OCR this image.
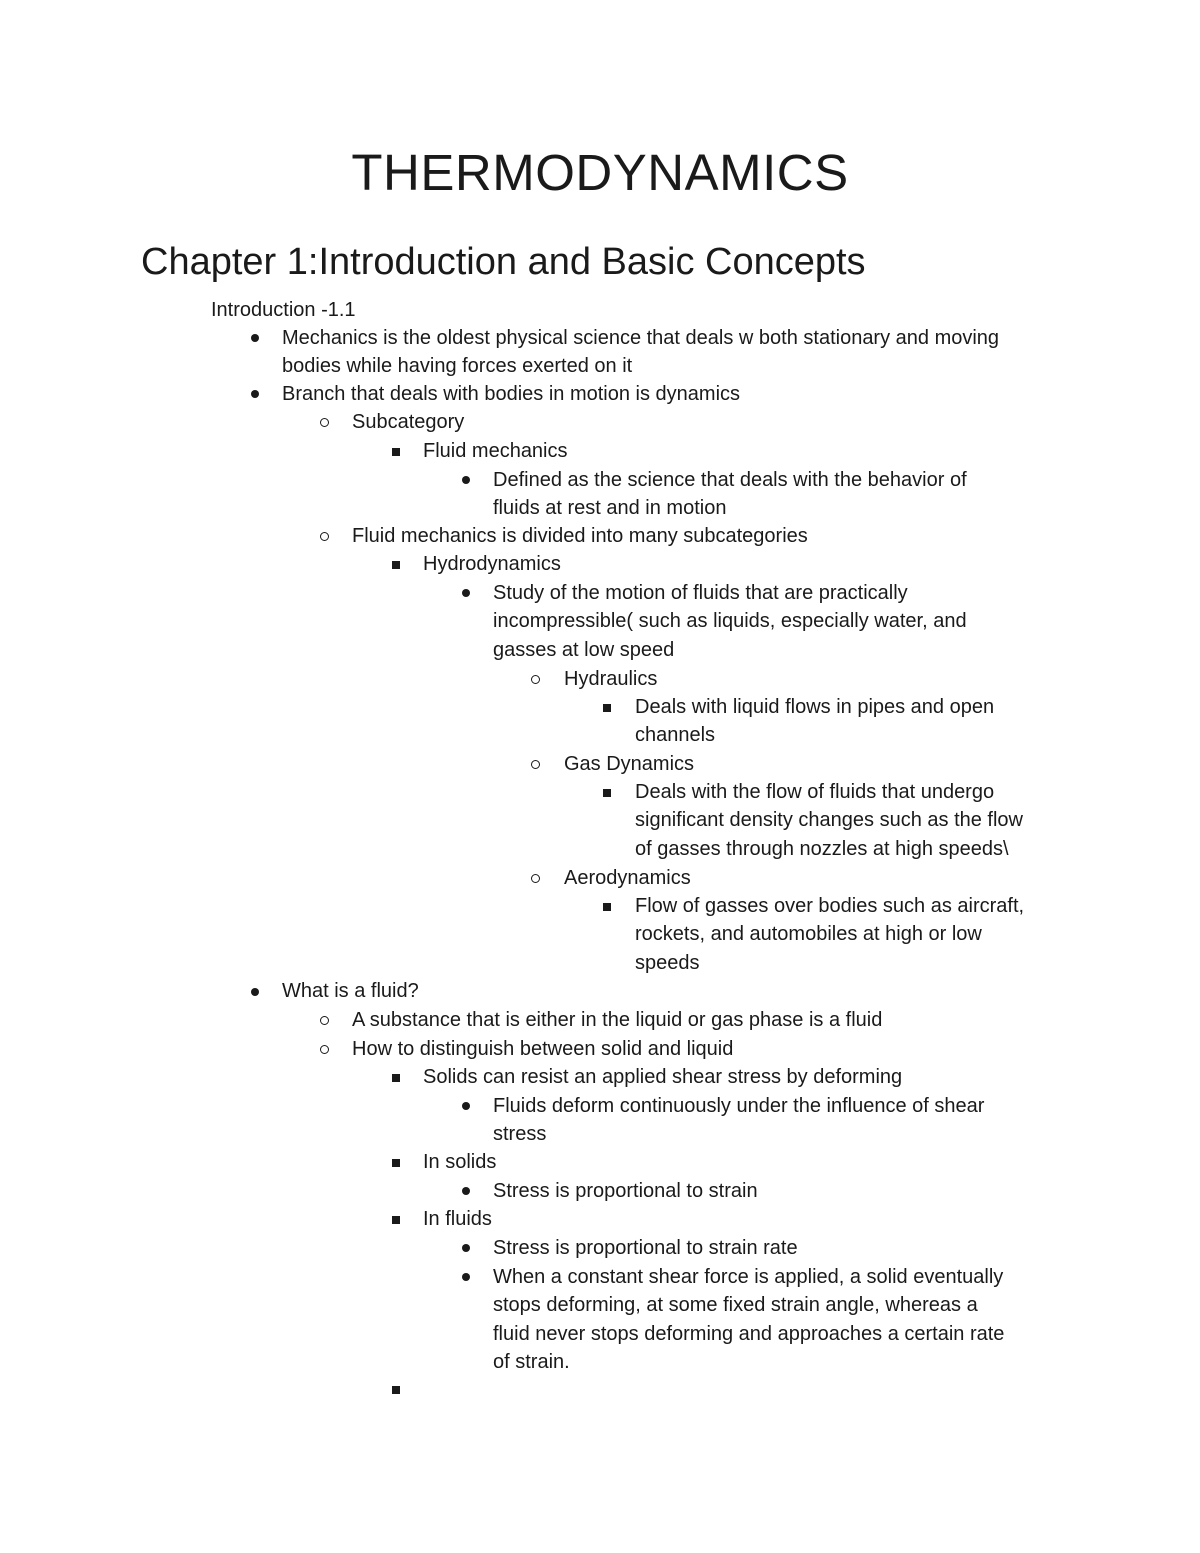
THERMODYNAMICS
Chapter 1:Introduction and Basic Concepts
Introduction -1.1
Mechanics is the oldest physical science that deals w both stationary and moving
bodies while having forces exerted on it
Branch that deals with bodies in motion is dynamics
Subcategory
Fluid mechanics
Defined as the science that deals with the behavior of
fluids at rest and in motion
Fluid mechanics is divided into many subcategories
Hydrodynamics
Study of the motion of fluids that are practically
incompressible( such as liquids, especially water, and
gasses at low speed
Hydraulics
Deals with liquid flows in pipes and open
channels
Gas Dynamics
Deals with the flow of fluids that undergo
significant density changes such as the flow
of gasses through nozzles at high speeds\
Aerodynamics
Flow of gasses over bodies such as aircraft,
rockets, and automobiles at high or low
speeds
What is a fluid?
A substance that is either in the liquid or gas phase is a fluid
How to distinguish between solid and liquid
Solids can resist an applied shear stress by deforming
Fluids deform continuously under the influence of shear
stress
In solids
Stress is proportional to strain
In fluids
Stress is proportional to strain rate
When a constant shear force is applied, a solid eventually
stops deforming, at some fixed strain angle, whereas a
fluid never stops deforming and approaches a certain rate
of strain.
